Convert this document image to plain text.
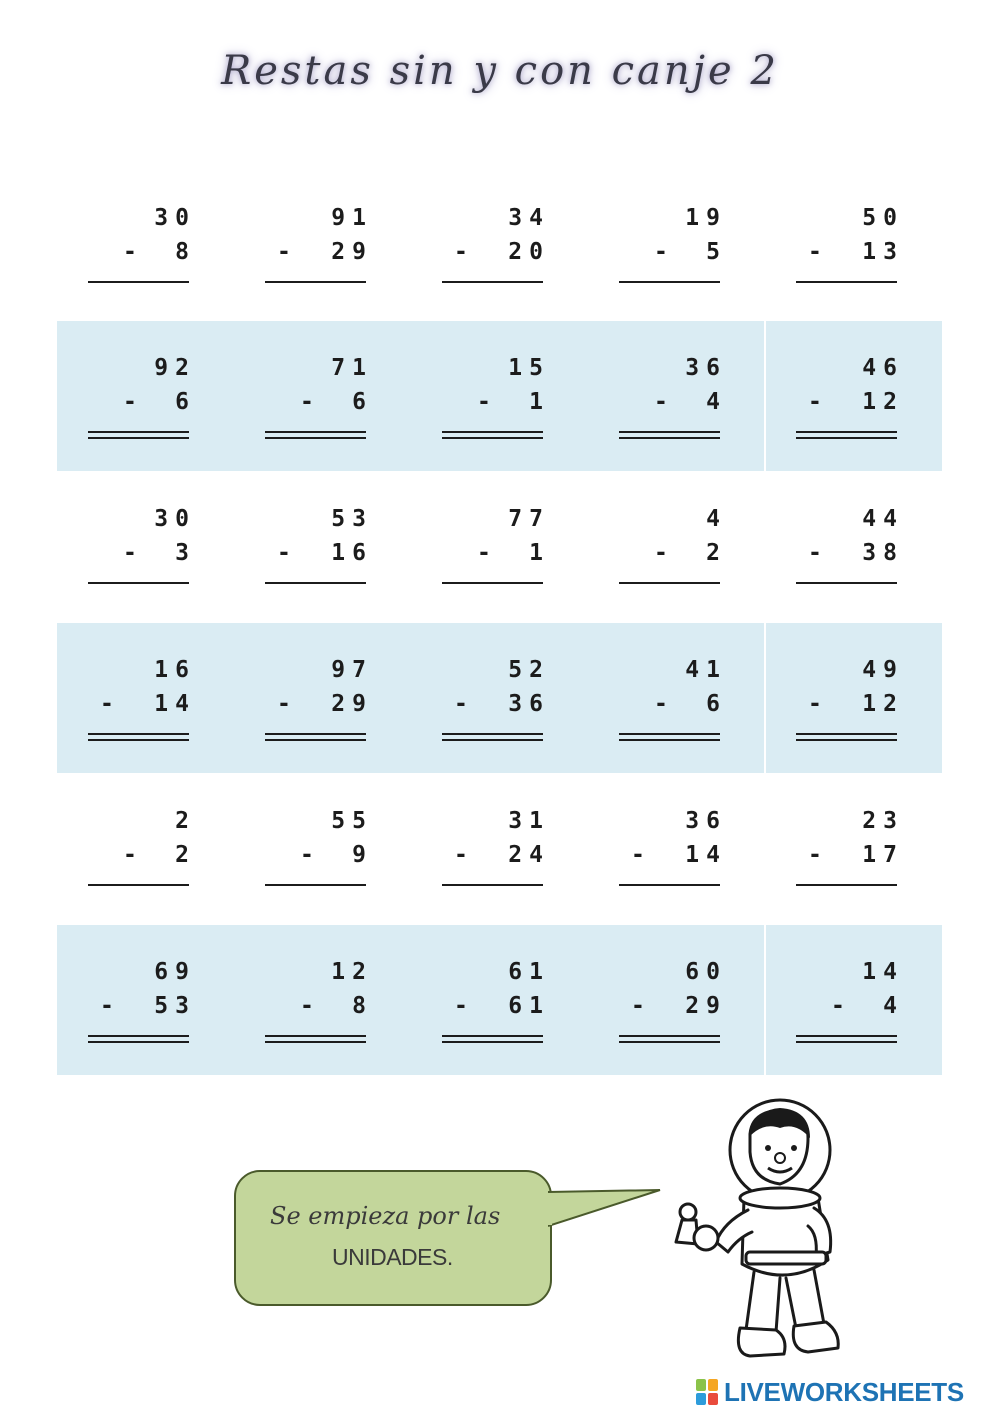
Restas sin y con canje 2
30
- 8
91
- 29
34
- 20
19
- 5
50
- 13
92
- 6
71
- 6
15
- 1
36
- 4
46
- 12
30
- 3
53
- 16
77
- 1
4
- 2
44
- 38
16
- 14
97
- 29
52
- 36
41
- 6
49
- 12
2
- 2
55
- 9
31
- 24
36
- 14
23
- 17
69
- 53
12
- 8
61
- 61
60
- 29
14
- 4
Se empieza por las
UNIDADES.
LIVEWORKSHEETS
